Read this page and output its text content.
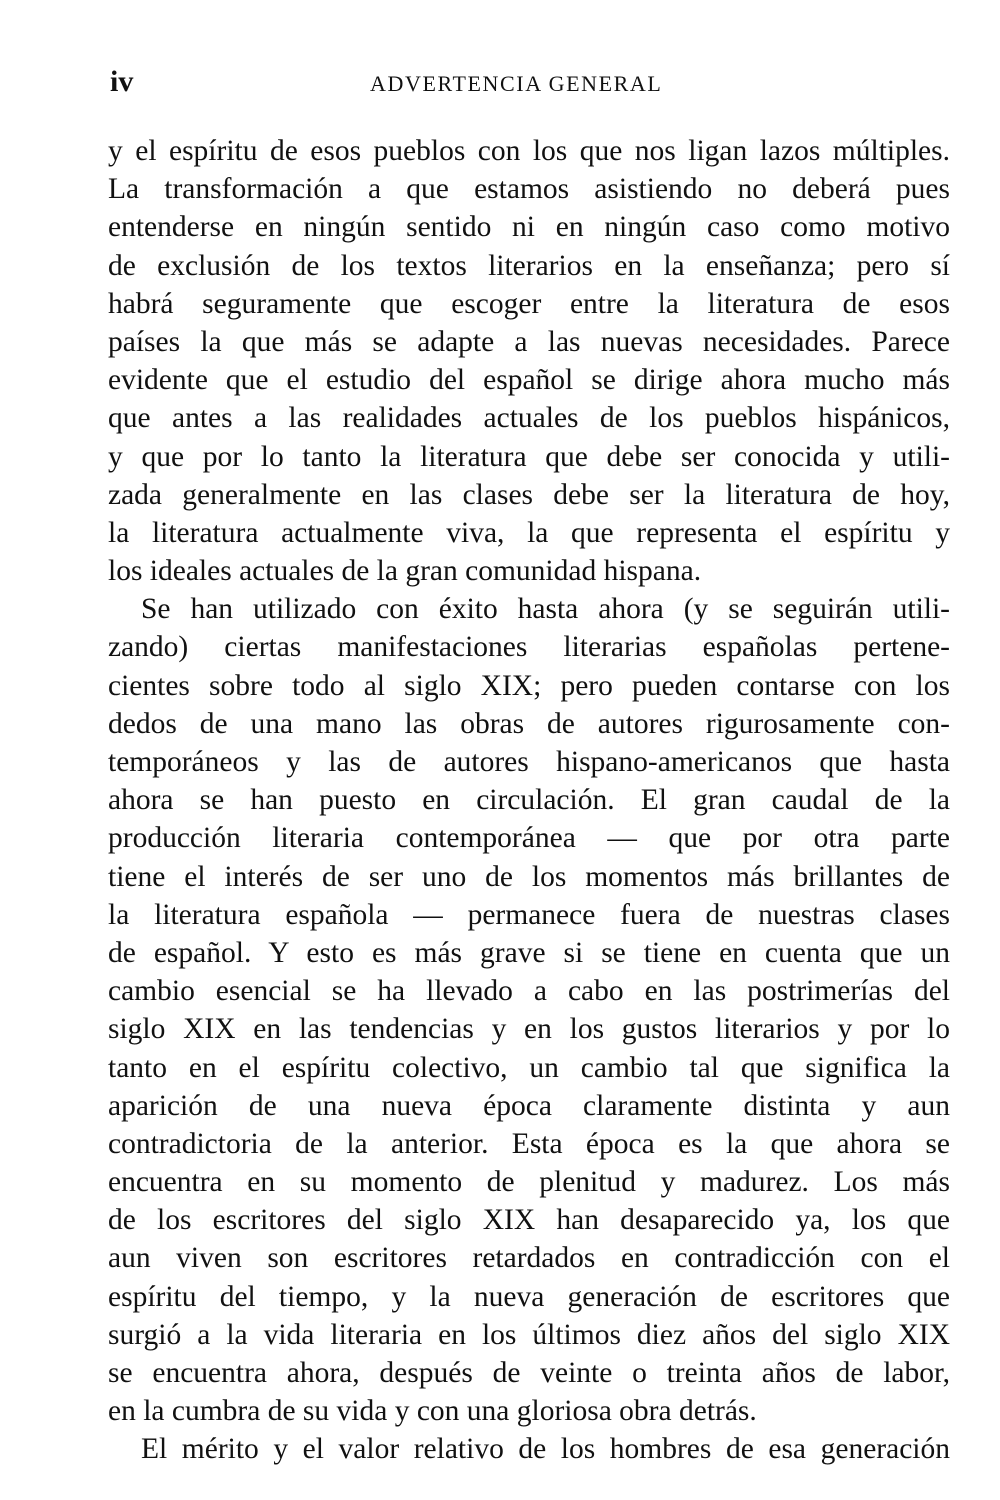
iv	ADVERTENCIA GENERAL
y el espíritu de esos pueblos con los que nos ligan lazos múltiples.
La transformación a que estamos asistiendo no deberá pues
entenderse en ningún sentido ni en ningún caso como motivo
de exclusión de los textos literarios en la enseñanza; pero sí
habrá seguramente que escoger entre la literatura de esos
países la que más se adapte a las nuevas necesidades. Parece
evidente que el estudio del español se dirige ahora mucho más
que antes a las realidades actuales de los pueblos hispánicos,
y que por lo tanto la literatura que debe ser conocida y utili-
zada generalmente en las clases debe ser la literatura de hoy,
la literatura actualmente viva, la que representa el espíritu y
los ideales actuales de la gran comunidad hispana.
Se han utilizado con éxito hasta ahora (y se seguirán utili-
zando) ciertas manifestaciones literarias españolas pertene-
cientes sobre todo al siglo XIX; pero pueden contarse con los
dedos de una mano las obras de autores rigurosamente con-
temporáneos y las de autores hispano-americanos que hasta
ahora se han puesto en circulación. El gran caudal de la
producción literaria contemporánea — que por otra parte
tiene el interés de ser uno de los momentos más brillantes de
la literatura española — permanece fuera de nuestras clases
de español. Y esto es más grave si se tiene en cuenta que un
cambio esencial se ha llevado a cabo en las postrimerías del
siglo XIX en las tendencias y en los gustos literarios y por lo
tanto en el espíritu colectivo, un cambio tal que significa la
aparición de una nueva época claramente distinta y aun
contradictoria de la anterior. Esta época es la que ahora se
encuentra en su momento de plenitud y madurez. Los más
de los escritores del siglo XIX han desaparecido ya, los que
aun viven son escritores retardados en contradicción con el
espíritu del tiempo, y la nueva generación de escritores que
surgió a la vida literaria en los últimos diez años del siglo XIX
se encuentra ahora, después de veinte o treinta años de labor,
en la cumbra de su vida y con una gloriosa obra detrás.
El mérito y el valor relativo de los hombres de esa generación
